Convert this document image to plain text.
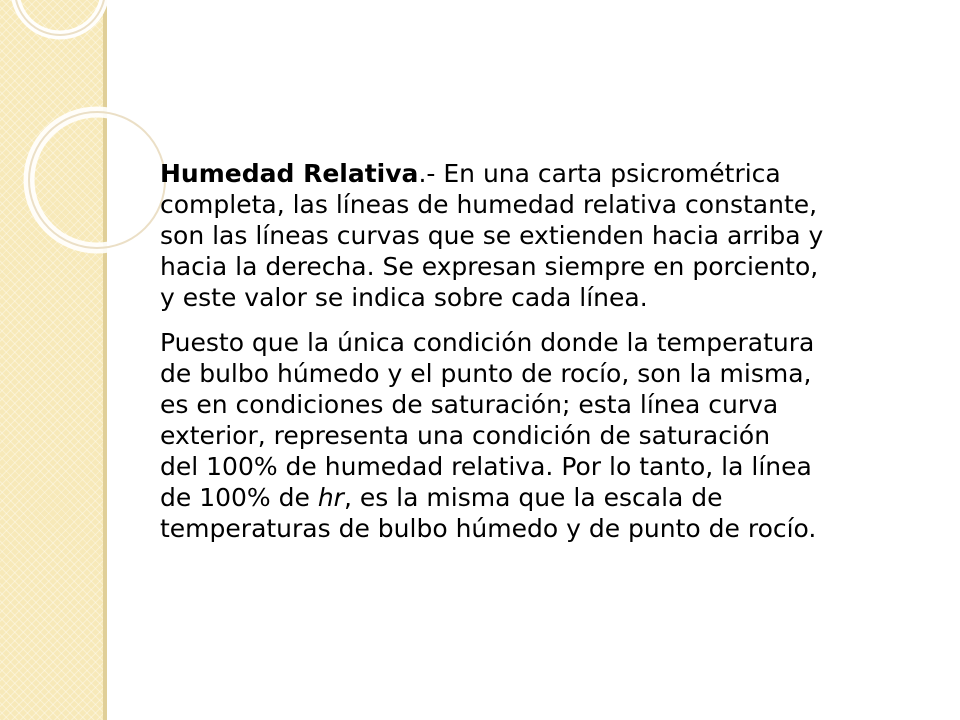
Humedad Relativa.- En una carta psicrométrica
completa, las líneas de humedad relativa constante,
son las líneas curvas que se extienden hacia arriba y
hacia la derecha. Se expresan siempre en porciento,
y este valor se indica sobre cada línea.

Puesto que la única condición donde la temperatura
de bulbo húmedo y el punto de rocío, son la misma,
es en condiciones de saturación; esta línea curva
exterior, representa una condición de saturación
del 100% de humedad relativa. Por lo tanto, la línea
de 100% de hr, es la misma que la escala de
temperaturas de bulbo húmedo y de punto de rocío.
